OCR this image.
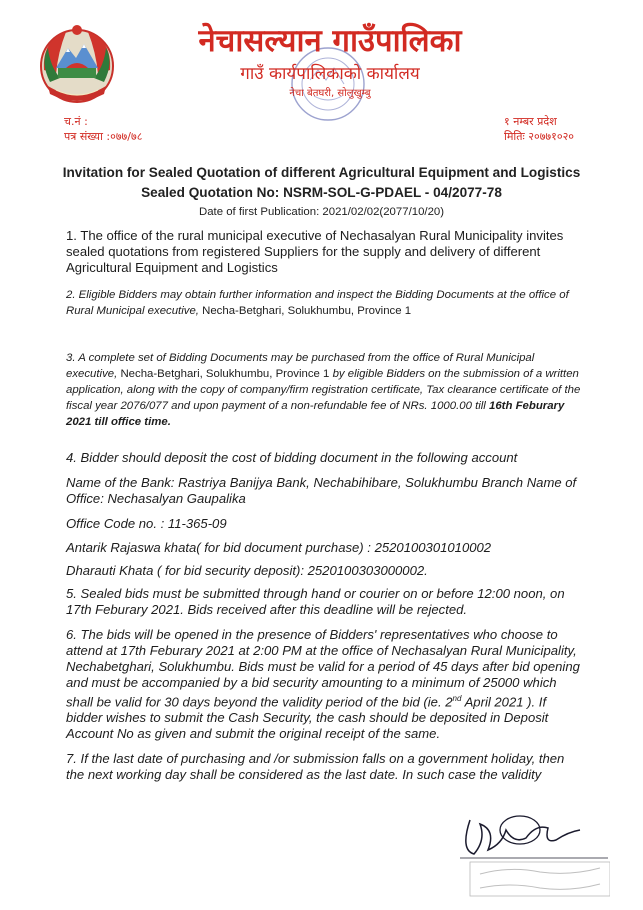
नेचासल्यान गाउँपालिका
गाउँ कार्यपालिकाको कार्यालय
नेचा बेतघरी, सोलुखुम्बु
च.नं :
पत्र संख्या :०७७/७८
१ नम्बर प्रदेश
मितिः २०७७१०२०
Invitation for Sealed Quotation of different Agricultural Equipment and Logistics
Sealed Quotation No: NSRM-SOL-G-PDAEL - 04/2077-78
Date of first Publication: 2021/02/02(2077/10/20)
1. The office of the rural municipal executive of Nechasalyan Rural Municipality invites sealed quotations from registered Suppliers for the supply and delivery of different Agricultural Equipment and Logistics
2. Eligible Bidders may obtain further information and inspect the Bidding Documents at the office of Rural Municipal executive, Necha-Betghari, Solukhumbu, Province 1
3. A complete set of Bidding Documents may be purchased from the office of Rural Municipal executive, Necha-Betghari, Solukhumbu, Province 1 by eligible Bidders on the submission of a written application, along with the copy of company/firm registration certificate, Tax clearance certificate of the fiscal year 2076/077 and upon payment of a non-refundable fee of NRs. 1000.00 till 16th Feburary 2021 till office time.
4. Bidder should deposit the cost of bidding document in the following account
Name of the Bank: Rastriya Banijya Bank, Nechabihibare, Solukhumbu Branch Name of Office: Nechasalyan Gaupalika
Office Code no. : 11-365-09
Antarik Rajaswa khata( for bid document purchase) : 2520100301010002
Dharauti Khata ( for bid security deposit): 2520100303000002.
5. Sealed bids must be submitted through hand or courier on or before 12:00 noon, on 17th Feburary 2021. Bids received after this deadline will be rejected.
6. The bids will be opened in the presence of Bidders' representatives who choose to attend at 17th Feburary 2021 at 2:00 PM at the office of Nechasalyan Rural Municipality, Nechabetghari, Solukhumbu. Bids must be valid for a period of 45 days after bid opening and must be accompanied by a bid security amounting to a minimum of 25000 which shall be valid for 30 days beyond the validity period of the bid (ie. 2nd April 2021 ). If bidder wishes to submit the Cash Security, the cash should be deposited in Deposit Account No as given and submit the original receipt of the same.
7. If the last date of purchasing and /or submission falls on a government holiday, then the next working day shall be considered as the last date. In such case the validity
